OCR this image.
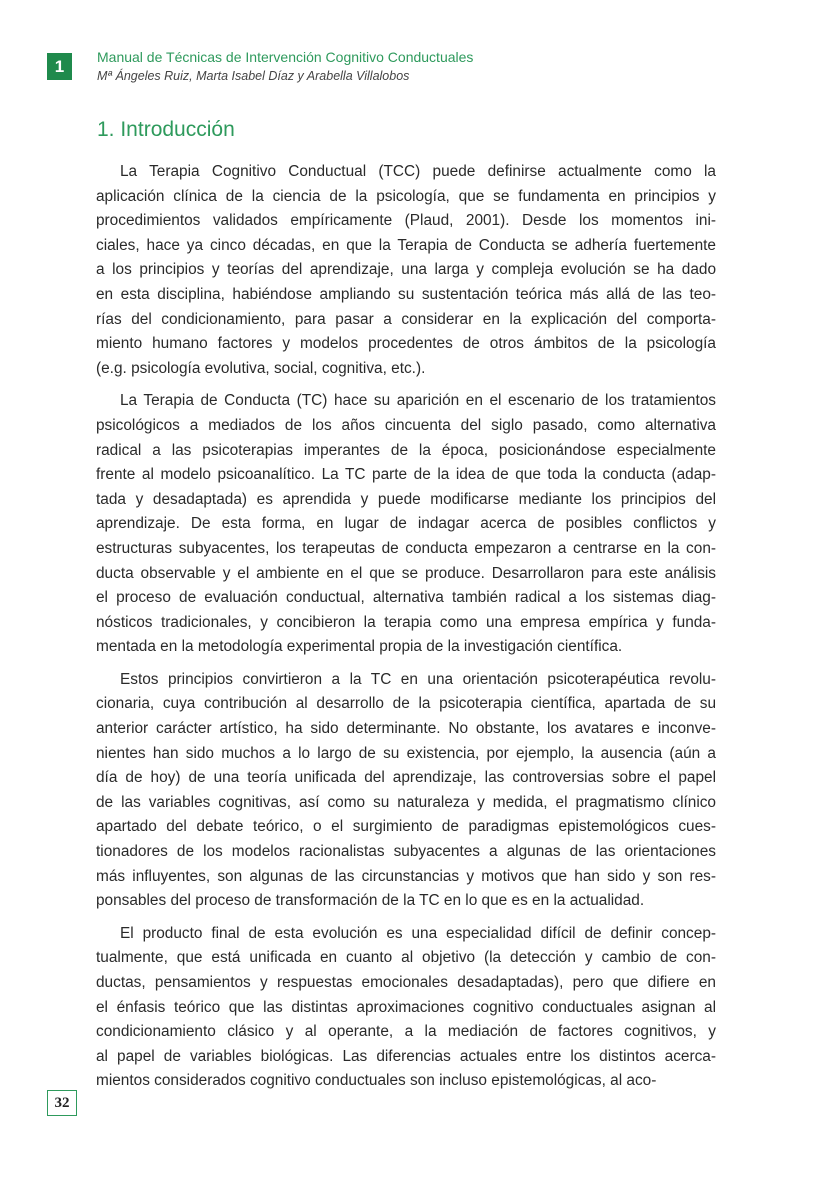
1	Manual de Técnicas de Intervención Cognitivo Conductuales
Mª Ángeles Ruiz, Marta Isabel Díaz y Arabella Villalobos
1. Introducción
La Terapia Cognitivo Conductual (TCC) puede definirse actualmente como la
aplicación clínica de la ciencia de la psicología, que se fundamenta en principios y
procedimientos validados empíricamente (Plaud, 2001). Desde los momentos ini-
ciales, hace ya cinco décadas, en que la Terapia de Conducta se adhería fuertemente
a los principios y teorías del aprendizaje, una larga y compleja evolución se ha dado
en esta disciplina, habiéndose ampliando su sustentación teórica más allá de las teo-
rías del condicionamiento, para pasar a considerar en la explicación del comporta-
miento humano factores y modelos procedentes de otros ámbitos de la psicología
(e.g. psicología evolutiva, social, cognitiva, etc.).
La Terapia de Conducta (TC) hace su aparición en el escenario de los tratamientos
psicológicos a mediados de los años cincuenta del siglo pasado, como alternativa
radical a las psicoterapias imperantes de la época, posicionándose especialmente
frente al modelo psicoanalítico. La TC parte de la idea de que toda la conducta (adap-
tada y desadaptada) es aprendida y puede modificarse mediante los principios del
aprendizaje. De esta forma, en lugar de indagar acerca de posibles conflictos y
estructuras subyacentes, los terapeutas de conducta empezaron a centrarse en la con-
ducta observable y el ambiente en el que se produce. Desarrollaron para este análisis
el proceso de evaluación conductual, alternativa también radical a los sistemas diag-
nósticos tradicionales, y concibieron la terapia como una empresa empírica y funda-
mentada en la metodología experimental propia de la investigación científica.
Estos principios convirtieron a la TC en una orientación psicoterapéutica revolu-
cionaria, cuya contribución al desarrollo de la psicoterapia científica, apartada de su
anterior carácter artístico, ha sido determinante. No obstante, los avatares e inconve-
nientes han sido muchos a lo largo de su existencia, por ejemplo, la ausencia (aún a
día de hoy) de una teoría unificada del aprendizaje, las controversias sobre el papel
de las variables cognitivas, así como su naturaleza y medida, el pragmatismo clínico
apartado del debate teórico, o el surgimiento de paradigmas epistemológicos cues-
tionadores de los modelos racionalistas subyacentes a algunas de las orientaciones
más influyentes, son algunas de las circunstancias y motivos que han sido y son res-
ponsables del proceso de transformación de la TC en lo que es en la actualidad.
El producto final de esta evolución es una especialidad difícil de definir concep-
tualmente, que está unificada en cuanto al objetivo (la detección y cambio de con-
ductas, pensamientos y respuestas emocionales desadaptadas), pero que difiere en
el énfasis teórico que las distintas aproximaciones cognitivo conductuales asignan al
condicionamiento clásico y al operante, a la mediación de factores cognitivos, y
al papel de variables biológicas. Las diferencias actuales entre los distintos acerca-
mientos considerados cognitivo conductuales son incluso epistemológicas, al aco-
32
